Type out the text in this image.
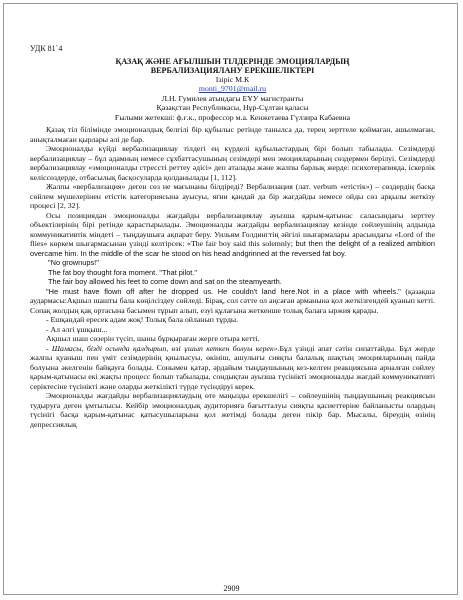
УДК 81`4
ҚАЗАҚ ЖӘНЕ АҒЫЛШЫН ТІЛДЕРІНДЕ ЭМОЦИЯЛАРДЫҢ
ВЕРБАЛИЗАЦИЯЛАНУ ЕРЕКШЕЛІКТЕРІ
Ізіріс М.К
monti_9701@mail.ru
Л.Н. Гумилев атындағы ЕҰУ магистранты
Қазақстан Республикасы, Нұр-Сұлтан қаласы
Ғылыми жетекші: ф.ғ.к., профессор м.а. Кенжетаева Гүлзира Кабаевна

Қазақ тіл біліміндe эмоционалдық белгілі бір құбылыс ретінде танылса да, терең зерттеле қоймаған, ашылмаған, анықталмаған қырлары әлі де бар.

Эмоционалды күйді вербализациялау тілдегі ең күрделі құбылыстардың бірі болып табылады. Сезімдерді вербализациялау – бұл адамның немесе сұхбаттасушының сезімдері мен эмоцияларының сөздермен берілуі. Сезімдерді вербализациялау «эмоционалды стрессті реттеу әдісі» деп аталады және жалпы барлық жерде: психотерапияда, іскерлік келіссөздерде, отбасылық басқосуларда қолданылады [1, 112].

Жалпы «вербализация» деген сөз не мағынаны білдіреді? Вербализация (лат. verbum «етістік») – сөздердің басқа сөйлем мүшелерінен етістік категориясына ауысуы, яғни қандай да бір жағдайды немесе ойды сөз арқылы жеткізу процесі [2, 32].

Осы позициядан эмоционалды жағдайды вербализациялау ауызша қарым-қатынас саласындағы зерттеу объектілерінің бірі ретінде қарастырылады. Эмоционалды жағдайды вербализациялау кезінде сөйлеушінің алдында коммуникативтік міндеті – тыңдаушыға ақпарат беру. Уильям Голдингтің әйгілі шығармалары арасындағы «Lord of the flies» көркем шығармасынан үзінді келтірсек: «The fair boy said this solemnly; but then the delight of a realized ambition overcame him. In the middle of the scar he stood on his head andgrinned at the reversed fat boy.

"No grownups!"

The fat boy thought fora moment. "That pilot."

The fair boy allowed his feet to come down and sat on the steamyearth.

"He must have flown off after he dropped us. He couldn't land here.Not in a place with wheels." (қазақша аудармасы:Ақшыл шашты бала көңілсіздеу сөйледі. Бірақ, сол сәтте ол аңсаған арманына қол жеткізгендей қуанып кетті. Сопақ жолдың қақ ортасына басымен тұрып алып, езуі құлағына жеткенше толық балаға ыржия қарады.

- Ешқандай ересек адам жоқ! Толық бала ойланып тұрды.

- Ал әлгі ұшқыш...

Ақшыл шаш сөзерін түсіп, шаны бұрқыраған жерге отыра кетті.

- Шамасы, бізді осында қалдырып, өзі ұшып кеткен болуы керек».Бұл үзінді апат сәтін сипаттайды. Бұл жерде жалпы қуаныш пен үміт сезімдерінің қиылысуы, өкініш, ашулығы сияқты балалық шақтың эмоцияларының пайда болуына әкелгенін байқауға болады. Сонымен қатар, әрдайым тыңдаушының кез-келген реакциясына арналған сөйлеу қарым-қатынасы екі жақты процесс болып табылады, сондықтан ауызша түсінікті эмоционалды жағдай коммуникативті серіктесіне түсінікті және оларды жеткілікті түрде түсіндіруі керек.

Эмоционалды жағдайды вербализациялаудың өте маңызды ерекшелігі – сөйлеушінің тыңдаушының реакциясын тудыруға деген ұмтылысы. Кейбір эмоционалдық аудиторияға бағытталуы сияқты қасиеттеріне байланысты олардың түсінігі басқа қарым-қатынас қатысушыларына қол жетімді болады деген пікір бар. Мысалы, біреудің өзінің депрессиялық

2909
